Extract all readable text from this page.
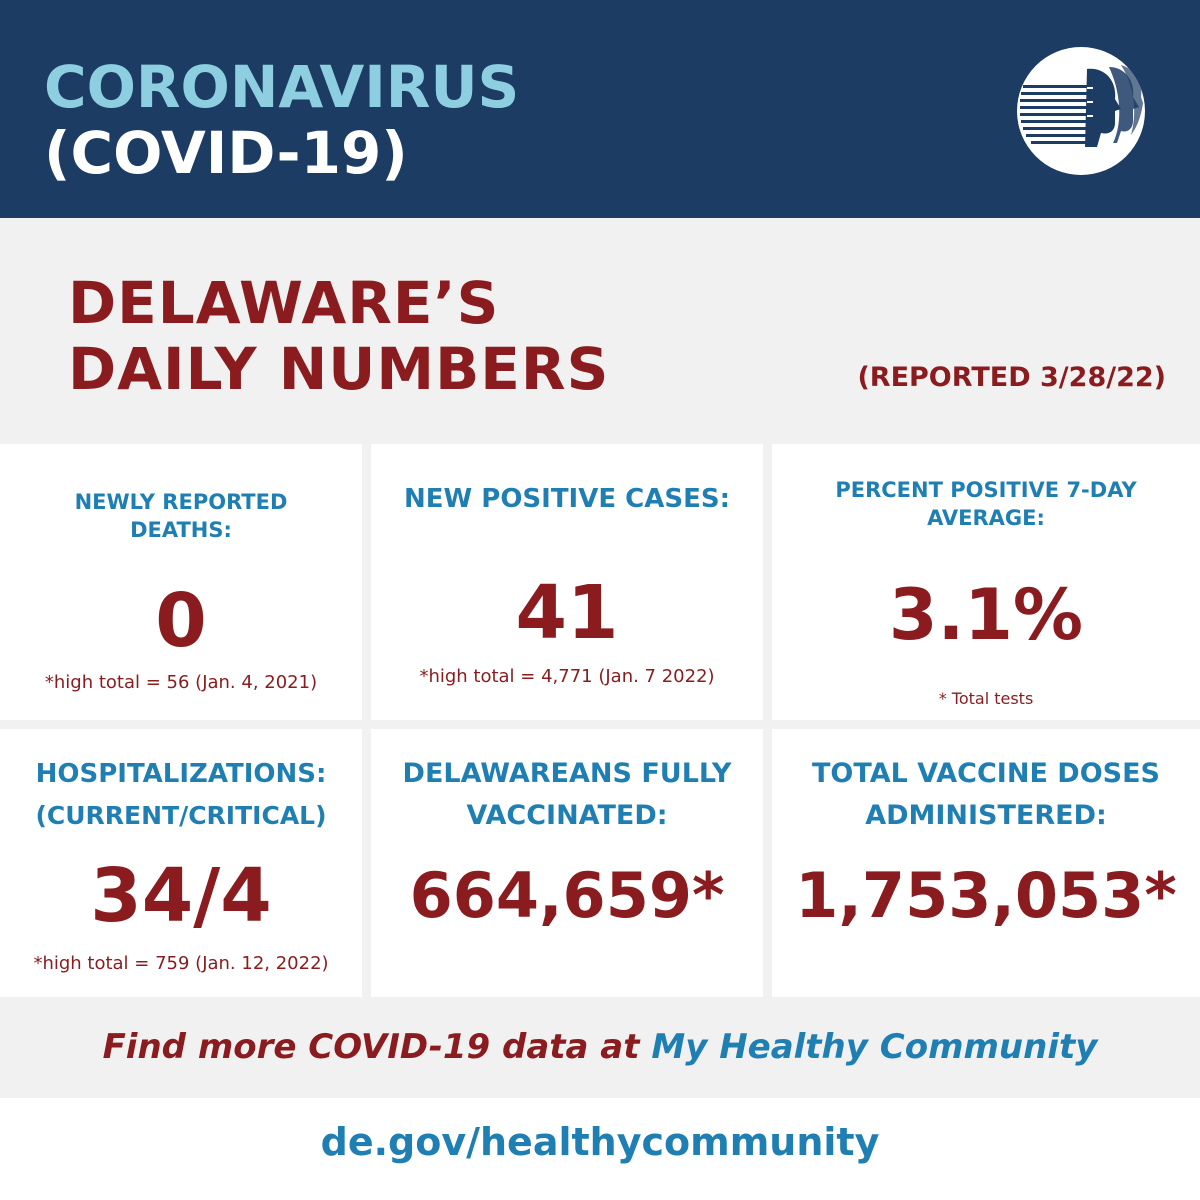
CORONAVIRUS
(COVID-19)
DELAWARE’S
DAILY NUMBERS	(REPORTED 3/28/22)
NEWLY REPORTED DEATHS:
0
*high total = 56 (Jan. 4, 2021)
NEW POSITIVE CASES:
41
*high total = 4,771 (Jan. 7 2022)
PERCENT POSITIVE 7-DAY AVERAGE:
3.1%
* Total tests
HOSPITALIZATIONS:
(CURRENT/CRITICAL)
34/4
*high total = 759 (Jan. 12, 2022)
DELAWAREANS FULLY
VACCINATED:
664,659*
TOTAL VACCINE DOSES
ADMINISTERED:
1,753,053*
Find more COVID-19 data at My Healthy Community
de.gov/healthycommunity
